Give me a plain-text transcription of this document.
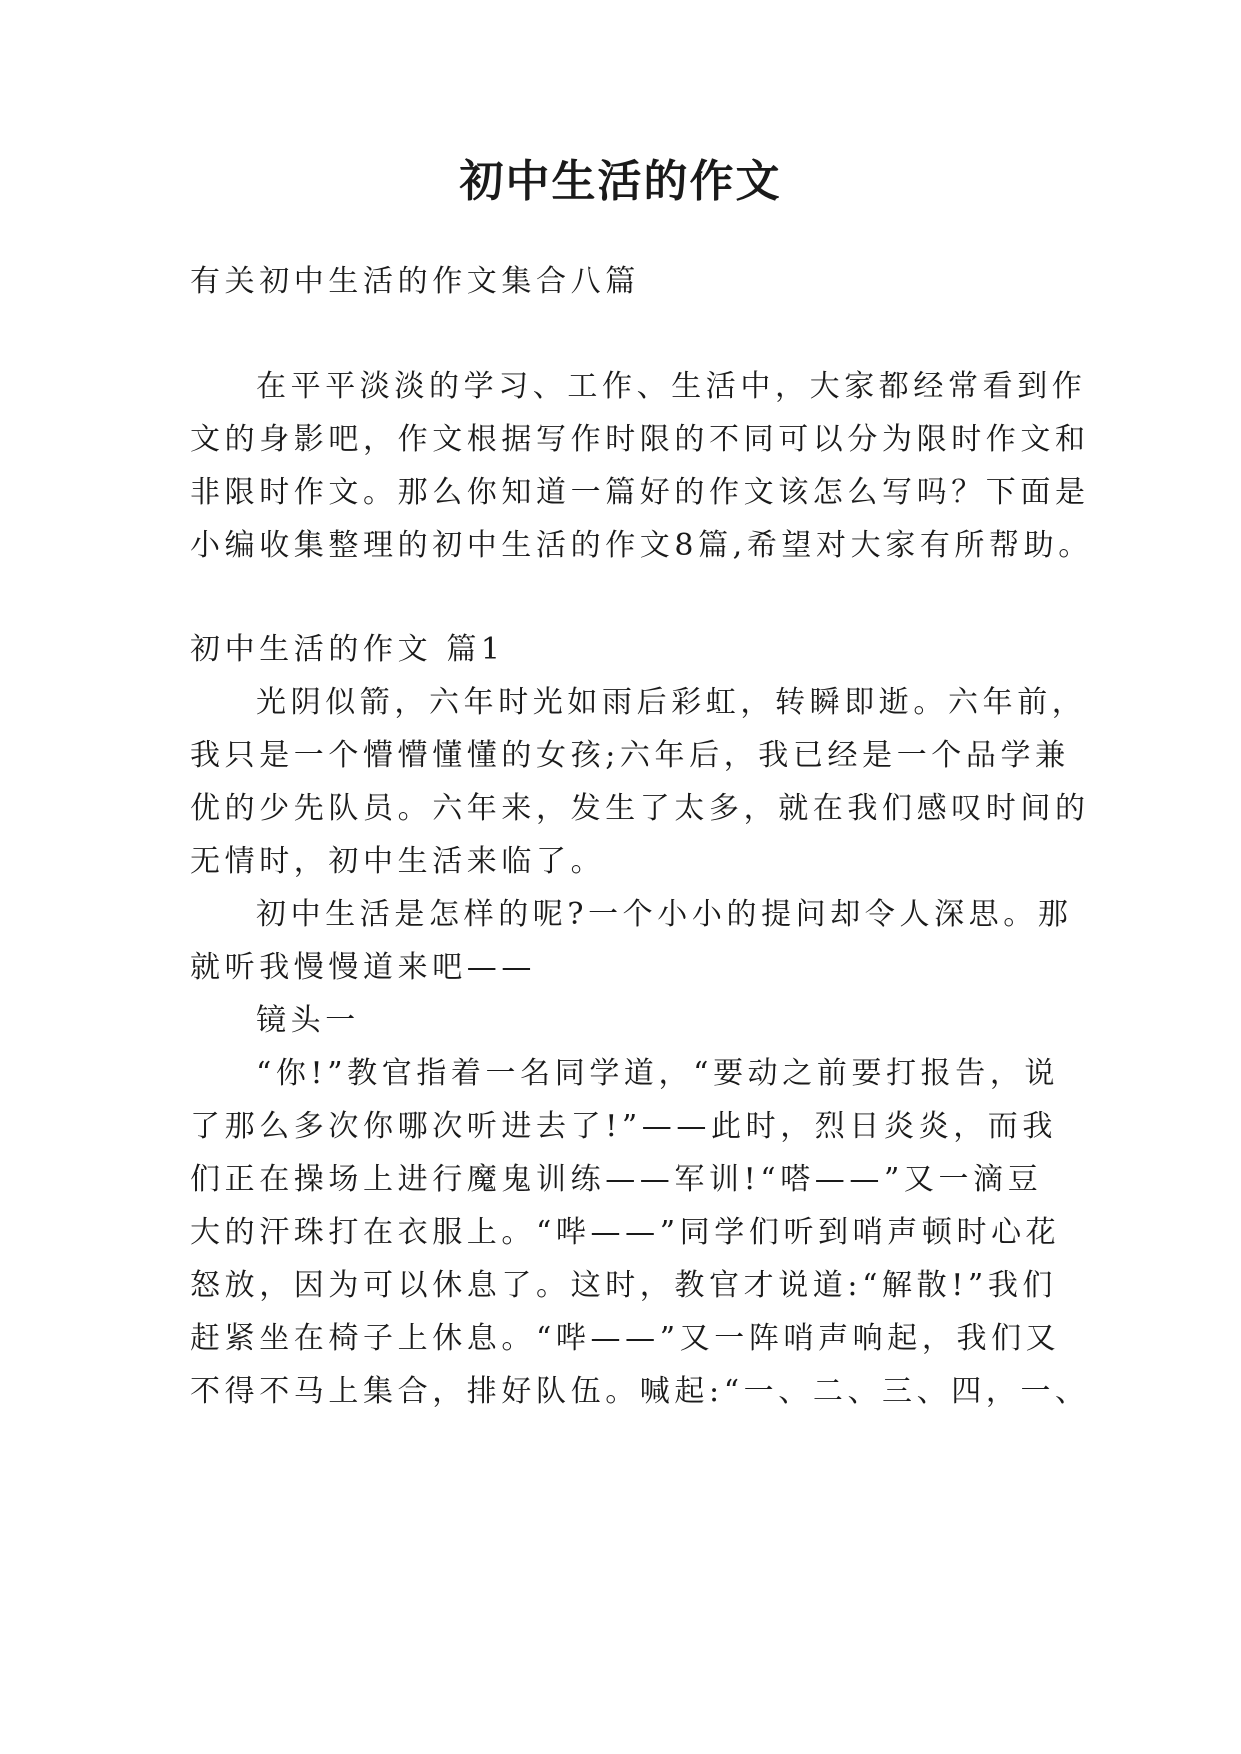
初中生活的作文
有关初中生活的作文集合八篇
在平平淡淡的学习、工作、生活中，大家都经常看到作
文的身影吧，作文根据写作时限的不同可以分为限时作文和
非限时作文。那么你知道一篇好的作文该怎么写吗？下面是
小编收集整理的初中生活的作文8篇,希望对大家有所帮助。
初中生活的作文 篇1
光阴似箭，六年时光如雨后彩虹，转瞬即逝。六年前，
我只是一个懵懵懂懂的女孩;六年后，我已经是一个品学兼
优的少先队员。六年来，发生了太多，就在我们感叹时间的
无情时，初中生活来临了。
初中生活是怎样的呢?一个小小的提问却令人深思。那
就听我慢慢道来吧——
镜头一
“你!”教官指着一名同学道，“要动之前要打报告，说
了那么多次你哪次听进去了!”——此时，烈日炎炎，而我
们正在操场上进行魔鬼训练——军训!“嗒——”又一滴豆
大的汗珠打在衣服上。“哔——”同学们听到哨声顿时心花
怒放，因为可以休息了。这时，教官才说道:“解散!”我们
赶紧坐在椅子上休息。“哔——”又一阵哨声响起，我们又
不得不马上集合，排好队伍。喊起:“一、二、三、四，一、
